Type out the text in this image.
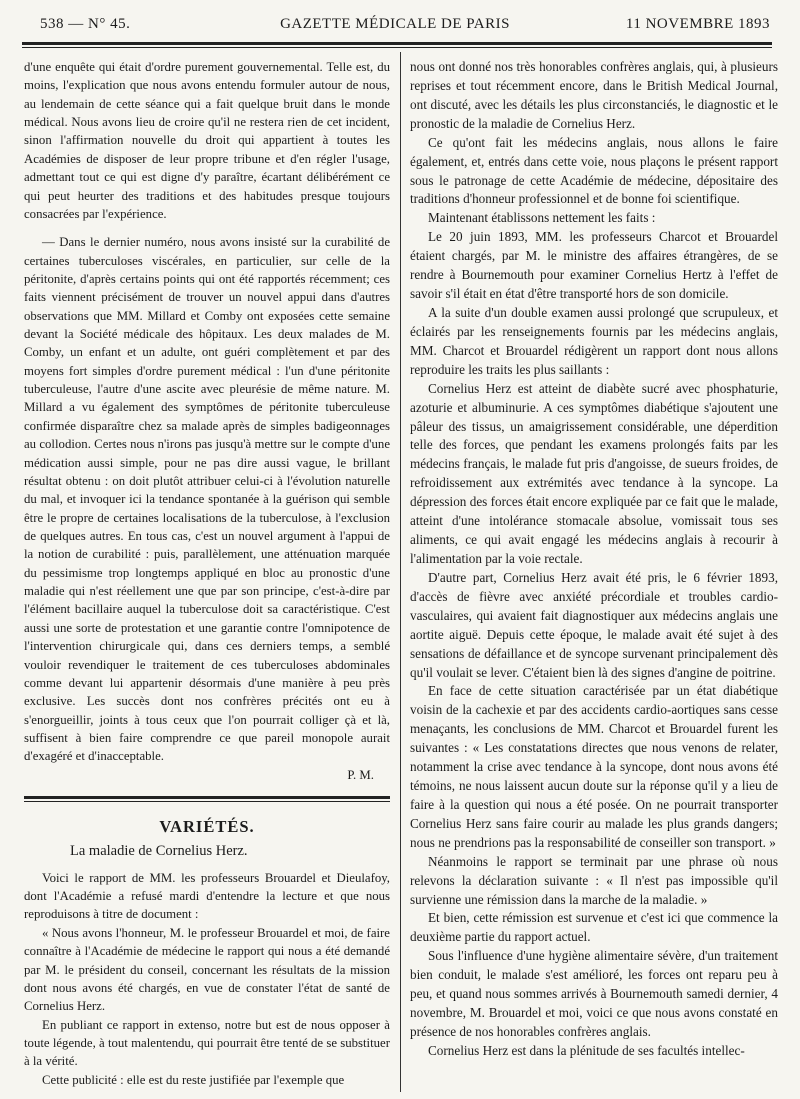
538 — N° 45.	GAZETTE MÉDICALE DE PARIS	11 NOVEMBRE 1893

d'une enquête qui était d'ordre purement gouvernemental. Telle est, du moins, l'explication que nous avons entendu formuler autour de nous, au lendemain de cette séance qui a fait quelque bruit dans le monde médical. Nous avons lieu de croire qu'il ne restera rien de cet incident, sinon l'affirmation nouvelle du droit qui appartient à toutes les Académies de disposer de leur propre tribune et d'en régler l'usage, admettant tout ce qui est digne d'y paraître, écartant délibérément ce qui peut heurter des traditions et des habitudes presque toujours consacrées par l'expérience.

— Dans le dernier numéro, nous avons insisté sur la curabilité de certaines tuberculoses viscérales, en particulier, sur celle de la péritonite, d'après certains points qui ont été rapportés récemment; ces faits viennent précisément de trouver un nouvel appui dans d'autres observations que MM. Millard et Comby ont exposées cette semaine devant la Société médicale des hôpitaux. Les deux malades de M. Comby, un enfant et un adulte, ont guéri complètement et par des moyens fort simples d'ordre purement médical : l'un d'une péritonite tuberculeuse, l'autre d'une ascite avec pleurésie de même nature. M. Millard a vu également des symptômes de péritonite tuberculeuse confirmée disparaître chez sa malade après de simples badigeonnages au collodion. Certes nous n'irons pas jusqu'à mettre sur le compte d'une médication aussi simple, pour ne pas dire aussi vague, le brillant résultat obtenu : on doit plutôt attribuer celui-ci à l'évolution naturelle du mal, et invoquer ici la tendance spontanée à la guérison qui semble être le propre de certaines localisations de la tuberculose, à l'exclusion de quelques autres. En tous cas, c'est un nouvel argument à l'appui de la notion de curabilité : puis, parallèlement, une atténuation marquée du pessimisme trop longtemps appliqué en bloc au pronostic d'une maladie qui n'est réellement une que par son principe, c'est-à-dire par l'élément bacillaire auquel la tuberculose doit sa caractéristique. C'est aussi une sorte de protestation et une garantie contre l'omnipotence de l'intervention chirurgicale qui, dans ces derniers temps, a semblé vouloir revendiquer le traitement de ces tuberculoses abdominales comme devant lui appartenir désormais d'une manière à peu près exclusive. Les succès dont nos confrères précités ont eu à s'enorgueillir, joints à tous ceux que l'on pourrait colliger çà et là, suffisent à bien faire comprendre ce que pareil monopole aurait d'exagéré et d'inacceptable.

P. M.

VARIÉTÉS.
La maladie de Cornelius Herz.

Voici le rapport de MM. les professeurs Brouardel et Dieulafoy, dont l'Académie a refusé mardi d'entendre la lecture et que nous reproduisons à titre de document :

« Nous avons l'honneur, M. le professeur Brouardel et moi, de faire connaître à l'Académie de médecine le rapport qui nous a été demandé par M. le président du conseil, concernant les résultats de la mission dont nous avons été chargés, en vue de constater l'état de santé de Cornelius Herz.

En publiant ce rapport in extenso, notre but est de nous opposer à toute légende, à tout malentendu, qui pourrait être tenté de se substituer à la vérité.

Cette publicité : elle est du reste justifiée par l'exemple que

nous ont donné nos très honorables confrères anglais, qui, à plusieurs reprises et tout récemment encore, dans le British Medical Journal, ont discuté, avec les détails les plus circonstanciés, le diagnostic et le pronostic de la maladie de Cornelius Herz.

Ce qu'ont fait les médecins anglais, nous allons le faire également, et, entrés dans cette voie, nous plaçons le présent rapport sous le patronage de cette Académie de médecine, dépositaire des traditions d'honneur professionnel et de bonne foi scientifique.

Maintenant établissons nettement les faits :

Le 20 juin 1893, MM. les professeurs Charcot et Brouardel étaient chargés, par M. le ministre des affaires étrangères, de se rendre à Bournemouth pour examiner Cornelius Hertz à l'effet de savoir s'il était en état d'être transporté hors de son domicile.

A la suite d'un double examen aussi prolongé que scrupuleux, et éclairés par les renseignements fournis par les médecins anglais, MM. Charcot et Brouardel rédigèrent un rapport dont nous allons reproduire les traits les plus saillants :

Cornelius Herz est atteint de diabète sucré avec phosphaturie, azoturie et albuminurie. A ces symptômes diabétique s'ajoutent une pâleur des tissus, un amaigrissement considérable, une déperdition telle des forces, que pendant les examens prolongés faits par les médecins français, le malade fut pris d'angoisse, de sueurs froides, de refroidissement aux extrémités avec tendance à la syncope. La dépression des forces était encore expliquée par ce fait que le malade, atteint d'une intolérance stomacale absolue, vomissait tous ses aliments, ce qui avait engagé les médecins anglais à recourir à l'alimentation par la voie rectale.

D'autre part, Cornelius Herz avait été pris, le 6 février 1893, d'accès de fièvre avec anxiété précordiale et troubles cardio-vasculaires, qui avaient fait diagnostiquer aux médecins anglais une aortite aiguë. Depuis cette époque, le malade avait été sujet à des sensations de défaillance et de syncope survenant principalement dès qu'il voulait se lever. C'étaient bien là des signes d'angine de poitrine.

En face de cette situation caractérisée par un état diabétique voisin de la cachexie et par des accidents cardio-aortiques sans cesse menaçants, les conclusions de MM. Charcot et Brouardel furent les suivantes : « Les constatations directes que nous venons de relater, notamment la crise avec tendance à la syncope, dont nous avons été témoins, ne nous laissent aucun doute sur la réponse qu'il y a lieu de faire à la question qui nous a été posée. On ne pourrait transporter Cornelius Herz sans faire courir au malade les plus grands dangers; nous ne prendrions pas la responsabilité de conseiller son transport. »

Néanmoins le rapport se terminait par une phrase où nous relevons la déclaration suivante : « Il n'est pas impossible qu'il survienne une rémission dans la marche de la maladie. »

Et bien, cette rémission est survenue et c'est ici que commence la deuxième partie du rapport actuel.

Sous l'influence d'une hygiène alimentaire sévère, d'un traitement bien conduit, le malade s'est amélioré, les forces ont reparu peu à peu, et quand nous sommes arrivés à Bournemouth samedi dernier, 4 novembre, M. Brouardel et moi, voici ce que nous avons constaté en présence de nos honorables confrères anglais.

Cornelius Herz est dans la plénitude de ses facultés intellec-
